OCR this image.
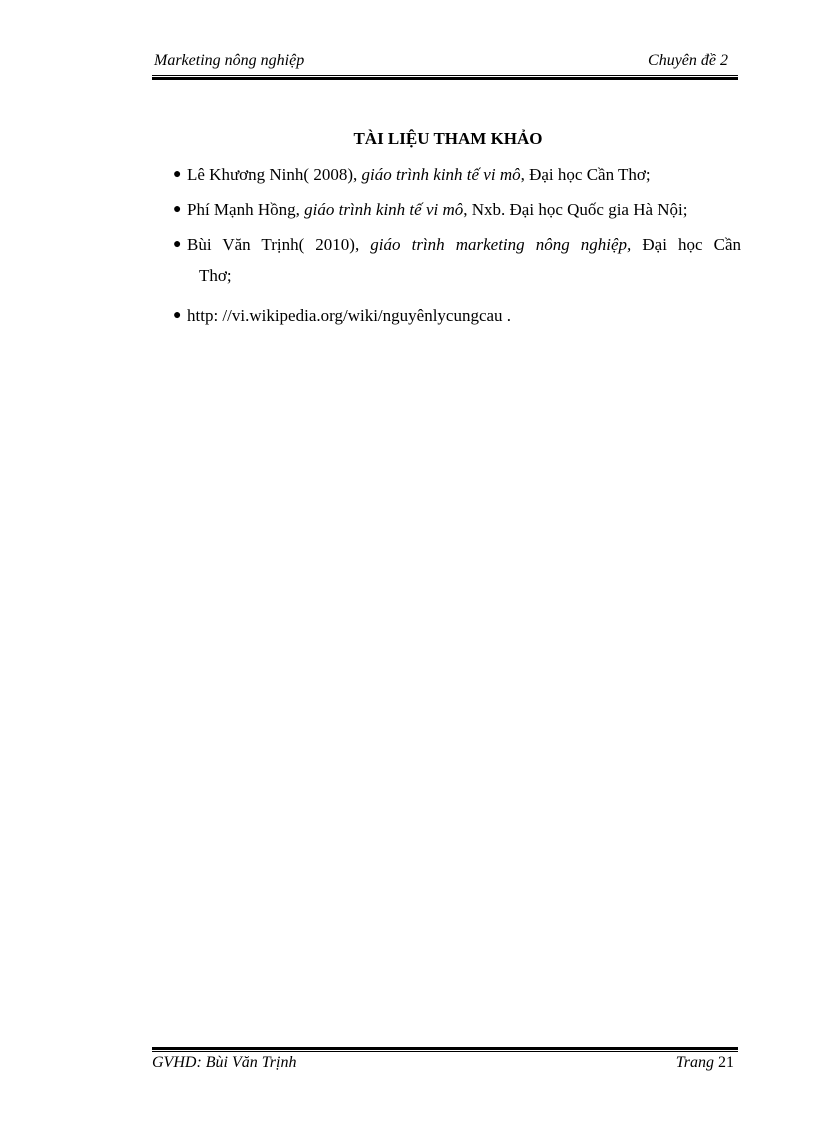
Marketing nông nghiệp	Chuyên đề 2
TÀI LIỆU THAM KHẢO
● Lê Khương Ninh( 2008), giáo trình kinh tế vi mô, Đại học Cần Thơ;
● Phí Mạnh Hồng, giáo trình kinh tế vi mô, Nxb. Đại học Quốc gia Hà Nội;
● Bùi Văn Trịnh( 2010), giáo trình marketing nông nghiệp, Đại học Cần
Thơ;
● http: //vi.wikipedia.org/wiki/nguyênlycungcau .
GVHD: Bùi Văn Trịnh	Trang 21
